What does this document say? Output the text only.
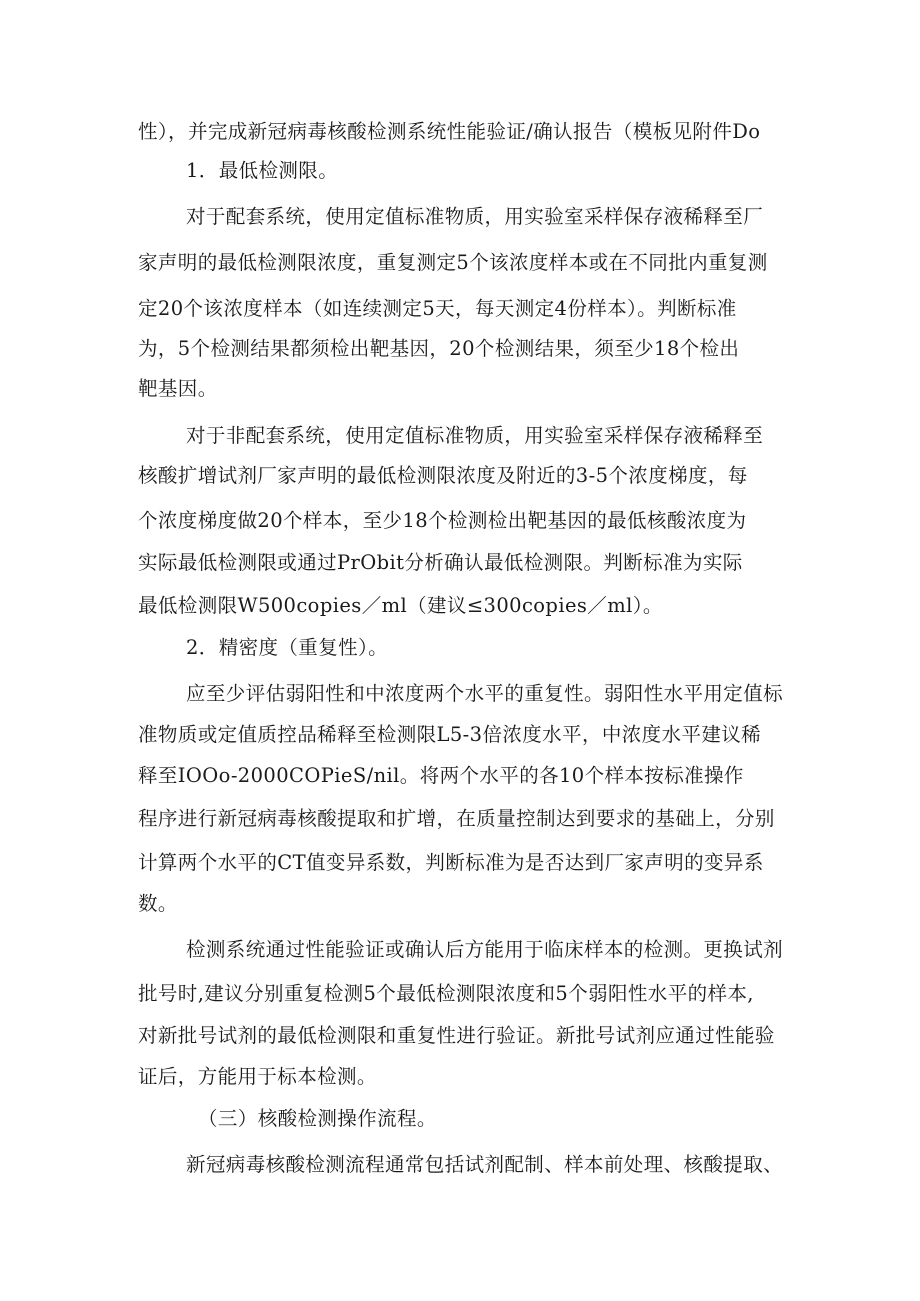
性），并完成新冠病毒核酸检测系统性能验证/确认报告（模板见附件Do
1．最低检测限。
对于配套系统，使用定值标准物质，用实验室采样保存液稀释至厂
家声明的最低检测限浓度，重复测定5个该浓度样本或在不同批内重复测
定20个该浓度样本（如连续测定5天，每天测定4份样本）。判断标准
为，5个检测结果都须检出靶基因，20个检测结果，须至少18个检出
靶基因。
对于非配套系统，使用定值标准物质，用实验室采样保存液稀释至
核酸扩增试剂厂家声明的最低检测限浓度及附近的3-5个浓度梯度，每
个浓度梯度做20个样本，至少18个检测检出靶基因的最低核酸浓度为
实际最低检测限或通过PrObit分析确认最低检测限。判断标准为实际
最低检测限W500copies／ml（建议≤300copies／ml）。
2．精密度（重复性）。
应至少评估弱阳性和中浓度两个水平的重复性。弱阳性水平用定值标
准物质或定值质控品稀释至检测限L5-3倍浓度水平，中浓度水平建议稀
释至IOOo-2000COPieS/nil。将两个水平的各10个样本按标准操作
程序进行新冠病毒核酸提取和扩增，在质量控制达到要求的基础上，分别
计算两个水平的CT值变异系数，判断标准为是否达到厂家声明的变异系
数。
检测系统通过性能验证或确认后方能用于临床样本的检测。更换试剂
批号时,建议分别重复检测5个最低检测限浓度和5个弱阳性水平的样本,
对新批号试剂的最低检测限和重复性进行验证。新批号试剂应通过性能验
证后，方能用于标本检测。
（三）核酸检测操作流程。
新冠病毒核酸检测流程通常包括试剂配制、样本前处理、核酸提取、
